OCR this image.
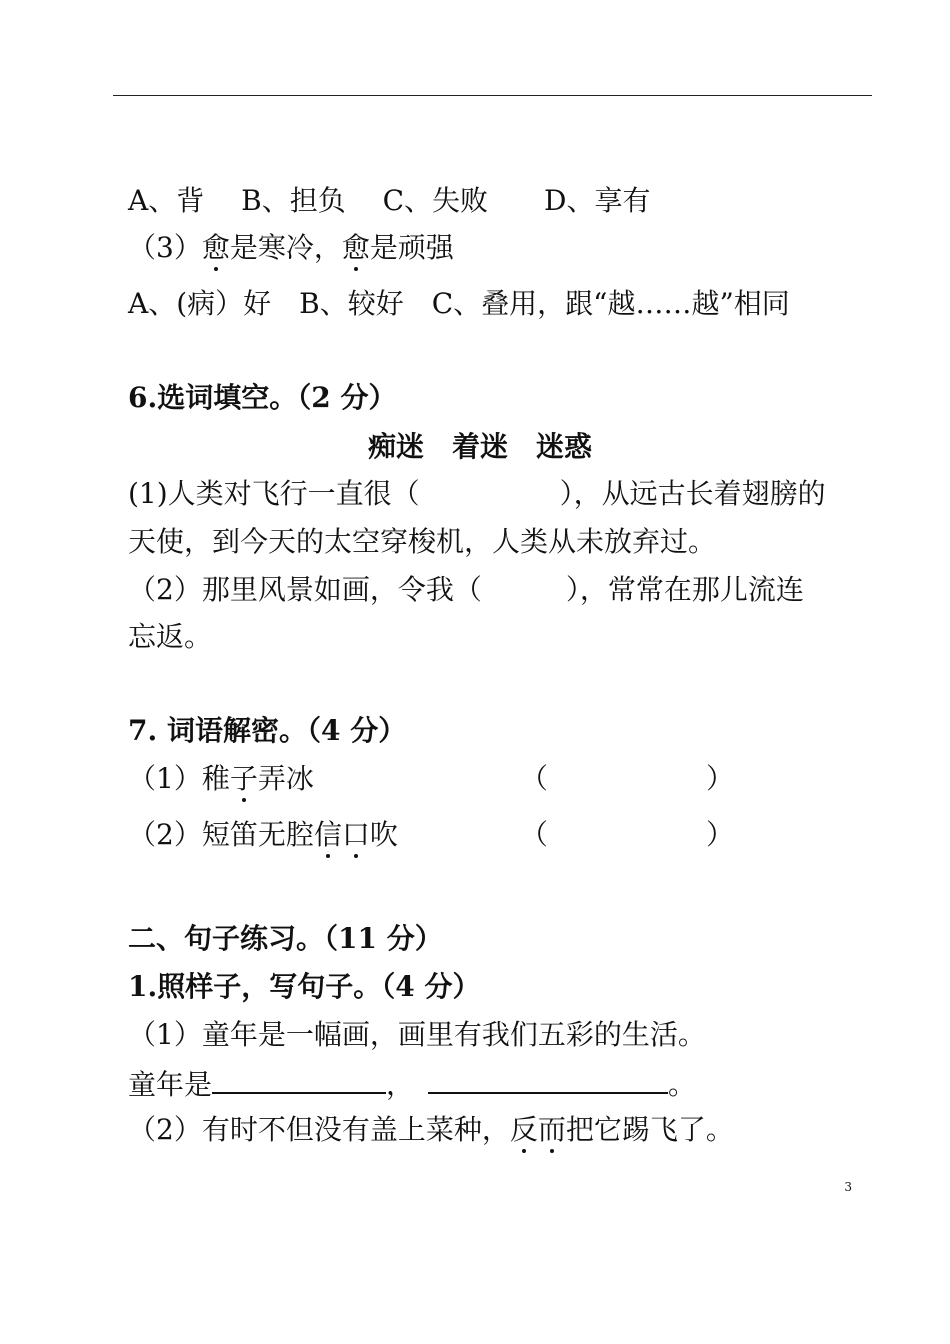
A、背　 B、担负　 C、失败　　D、享有
（3）愈是寒冷，愈是顽强
A、(病）好　B、较好　C、叠用，跟“越……越”相同
6.选词填空。（2 分）
痴迷　着迷　迷惑
(1)人类对飞行一直很（　　　　　），从远古长着翅膀的
天使，到今天的太空穿梭机，人类从未放弃过。
（2）那里风景如画，令我（　　　），常常在那儿流连
忘返。
7. 词语解密。（4 分）
（1）稚子弄冰	（	）
（2）短笛无腔信口吹	（	）
二、句子练习。（11 分）
1.照样子，写句子。（4 分）
（1）童年是一幅画，画里有我们五彩的生活。
童年是	，	。
（2）有时不但没有盖上菜种，反而把它踢飞了。
3
